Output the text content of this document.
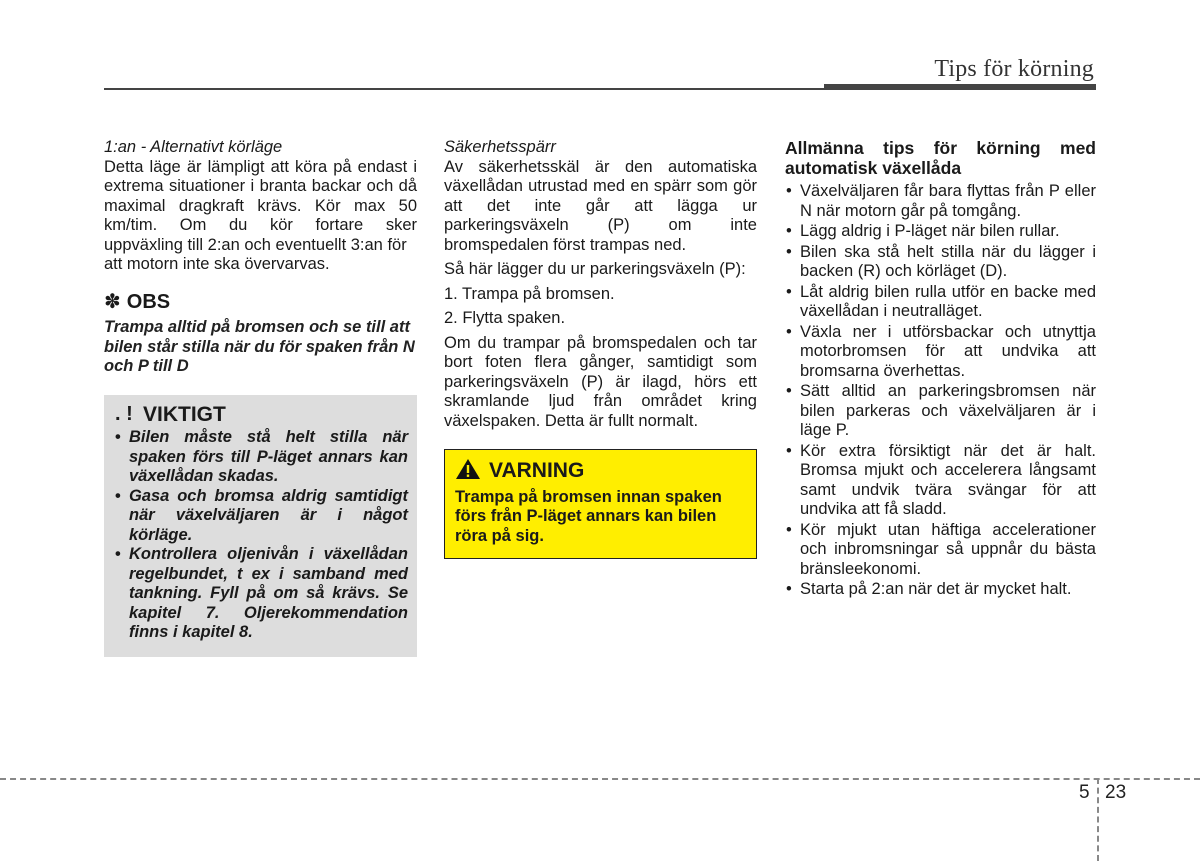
Tips för körning

1:an - Alternativt körläge

Detta läge är lämpligt att köra på endast i extrema situationer i branta backar och då maximal dragkraft krävs. Kör max 50 km/tim. Om du kör fortare sker

uppväxling till 2:an och eventuellt 3:an för att motorn inte ska övervarvas.

✽ OBS

Trampa alltid på bromsen och se till att bilen står stilla när du för spaken från N och P till D

. ! VIKTIGT
• Bilen måste stå helt stilla när spaken förs till P-läget annars kan växellådan skadas.
• Gasa och bromsa aldrig samtidigt när växelväljaren är i något körläge.
• Kontrollera oljenivån i växellådan regelbundet, t ex i samband med tankning. Fyll på om så krävs. Se kapitel 7. Oljerekommendation finns i kapitel 8.

Säkerhetsspärr

Av säkerhetsskäl är den automatiska växellådan utrustad med en spärr som gör att det inte går att lägga ur parkeringsväxeln (P) om inte bromspedalen först trampas ned.

Så här lägger du ur parkeringsväxeln (P):

1. Trampa på bromsen.

2. Flytta spaken.

Om du trampar på bromspedalen och tar bort foten flera gånger, samtidigt som parkeringsväxeln (P) är ilagd, hörs ett skramlande ljud från området kring växelspaken. Detta är fullt normalt.

VARNING

Trampa på bromsen innan spaken förs från P-läget annars kan bilen röra på sig.

Allmänna tips för körning med automatisk växellåda

• Växelväljaren får bara flyttas från P eller N när motorn går på tomgång.
• Lägg aldrig i P-läget när bilen rullar.
• Bilen ska stå helt stilla när du lägger i backen (R) och körläget (D).
• Låt aldrig bilen rulla utför en backe med växellådan i neutralläget.
• Växla ner i utförsbackar och utnyttja motorbromsen för att undvika att bromsarna överhettas.
• Sätt alltid an parkeringsbromsen när bilen parkeras och växelväljaren är i läge P.
• Kör extra försiktigt när det är halt. Bromsa mjukt och accelerera långsamt samt undvik tvära svängar för att undvika att få sladd.
• Kör mjukt utan häftiga accelerationer och inbromsningar så uppnår du bästa bränsleekonomi.
• Starta på 2:an när det är mycket halt.
5 23
